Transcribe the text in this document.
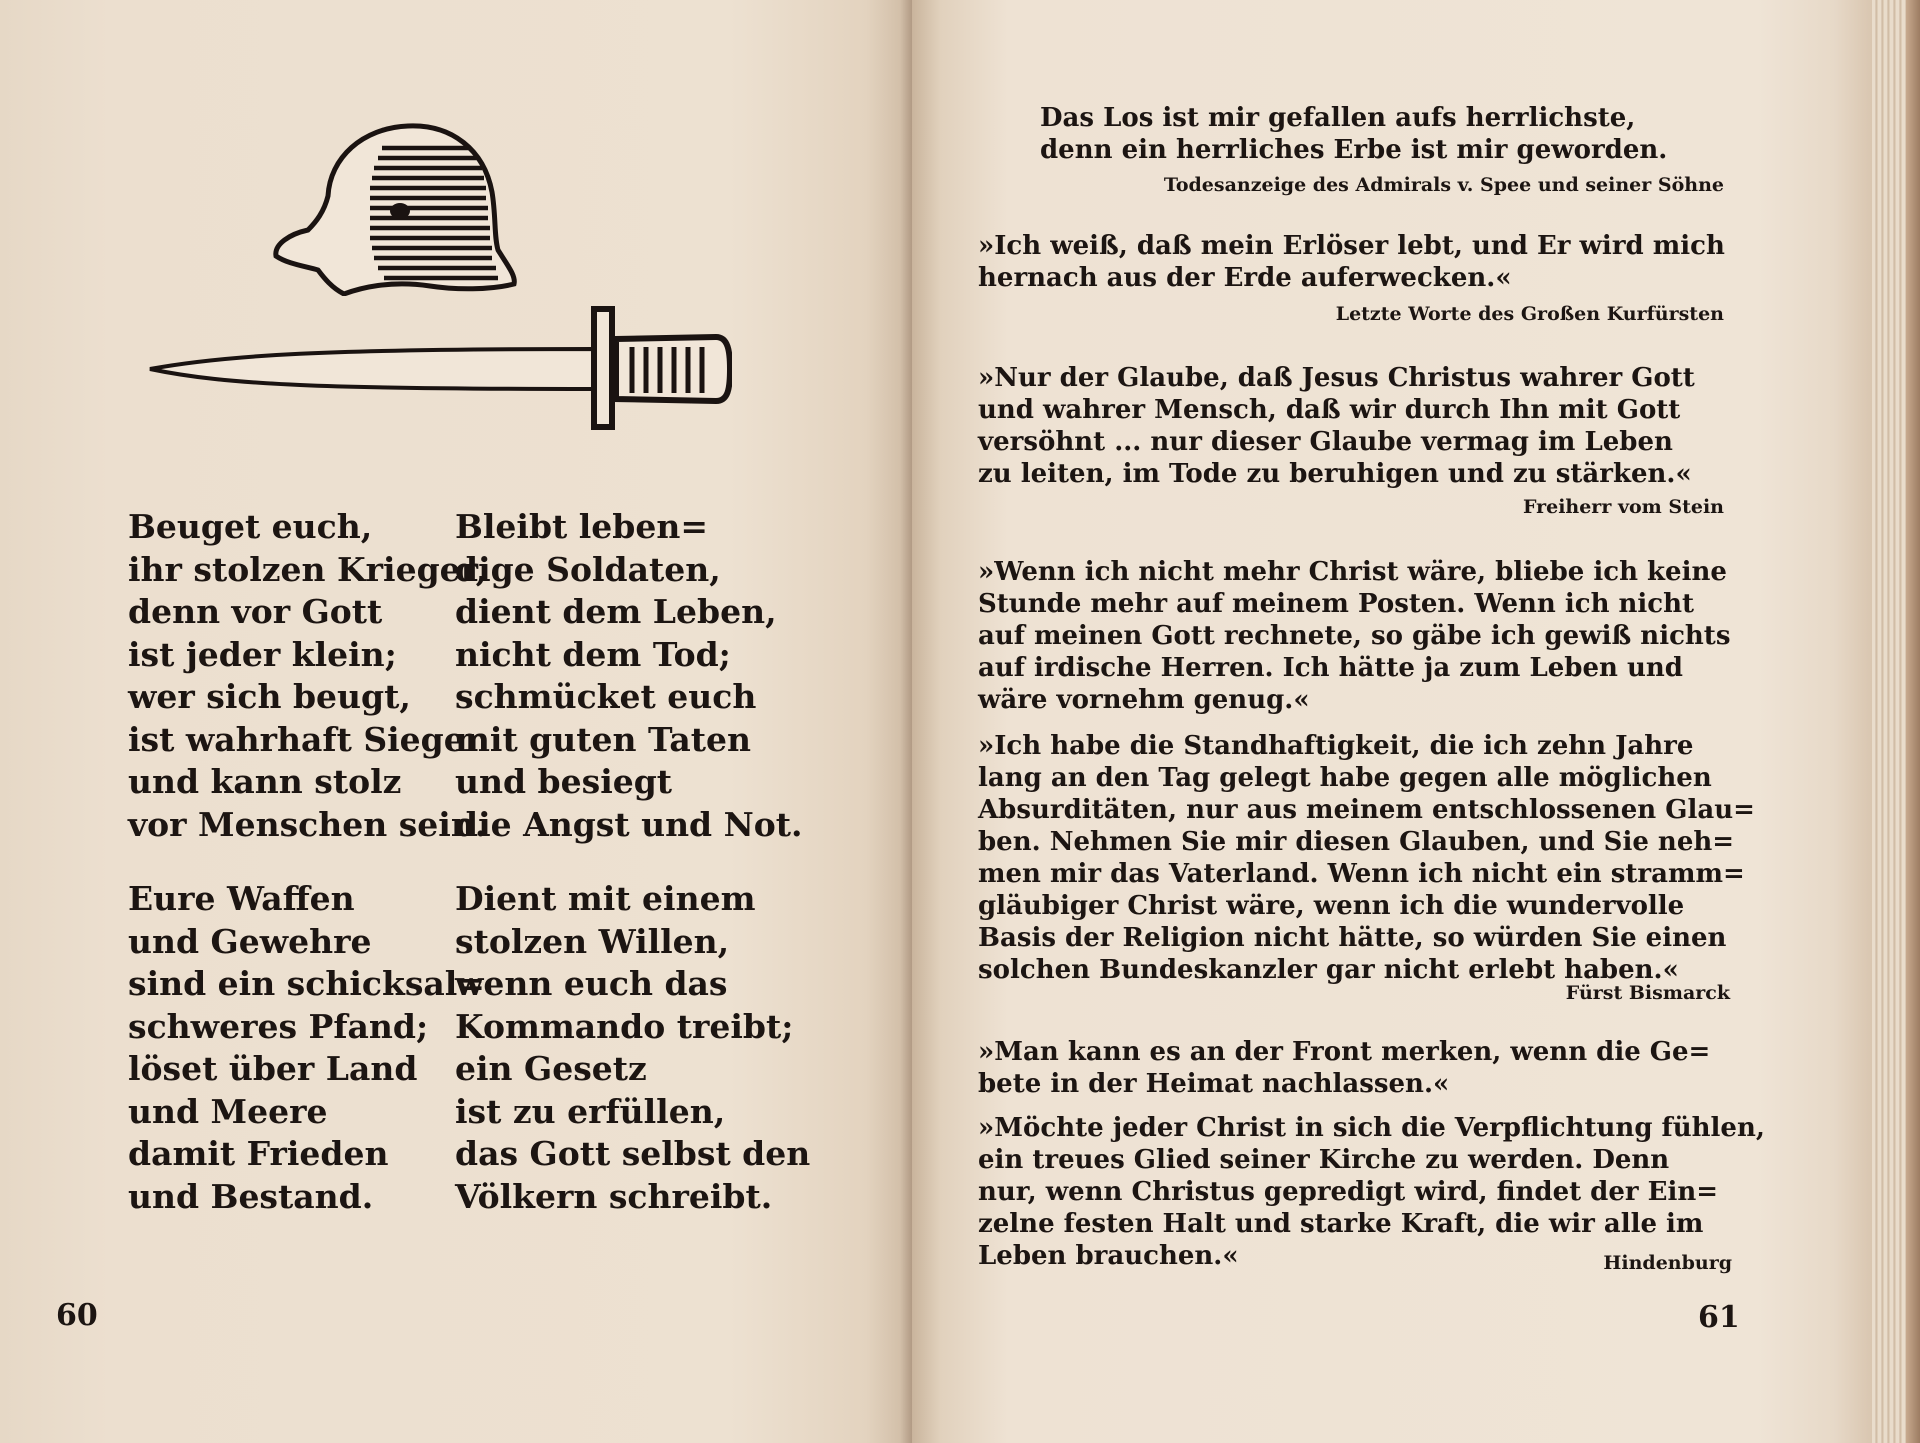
Beuget euch,
ihr stolzen Krieger,
denn vor Gott
ist jeder klein;
wer sich beugt,
ist wahrhaft Sieger
und kann stolz
vor Menschen sein.
Eure Waffen
und Gewehre
sind ein schicksal=
schweres Pfand;
löset über Land
und Meere
damit Frieden
und Bestand.
Bleibt leben=
dige Soldaten,
dient dem Leben,
nicht dem Tod;
schmücket euch
mit guten Taten
und besiegt
die Angst und Not.
Dient mit einem
stolzen Willen,
wenn euch das
Kommando treibt;
ein Gesetz
ist zu erfüllen,
das Gott selbst den
Völkern schreibt.
60
Das Los ist mir gefallen aufs herrlichste,
denn ein herrliches Erbe ist mir geworden.
Todesanzeige des Admirals v. Spee und seiner Söhne
»Ich weiß, daß mein Erlöser lebt, und Er wird mich
hernach aus der Erde auferwecken.«
Letzte Worte des Großen Kurfürsten
»Nur der Glaube, daß Jesus Christus wahrer Gott
und wahrer Mensch, daß wir durch Ihn mit Gott
versöhnt ... nur dieser Glaube vermag im Leben
zu leiten, im Tode zu beruhigen und zu stärken.«
Freiherr vom Stein
»Wenn ich nicht mehr Christ wäre, bliebe ich keine
Stunde mehr auf meinem Posten. Wenn ich nicht
auf meinen Gott rechnete, so gäbe ich gewiß nichts
auf irdische Herren. Ich hätte ja zum Leben und
wäre vornehm genug.«
»Ich habe die Standhaftigkeit, die ich zehn Jahre
lang an den Tag gelegt habe gegen alle möglichen
Absurditäten, nur aus meinem entschlossenen Glau=
ben. Nehmen Sie mir diesen Glauben, und Sie neh=
men mir das Vaterland. Wenn ich nicht ein stramm=
gläubiger Christ wäre, wenn ich die wundervolle
Basis der Religion nicht hätte, so würden Sie einen
solchen Bundeskanzler gar nicht erlebt haben.«
Fürst Bismarck
»Man kann es an der Front merken, wenn die Ge=
bete in der Heimat nachlassen.«
»Möchte jeder Christ in sich die Verpflichtung fühlen,
ein treues Glied seiner Kirche zu werden. Denn
nur, wenn Christus gepredigt wird, findet der Ein=
zelne festen Halt und starke Kraft, die wir alle im
Leben brauchen.«	Hindenburg
61
